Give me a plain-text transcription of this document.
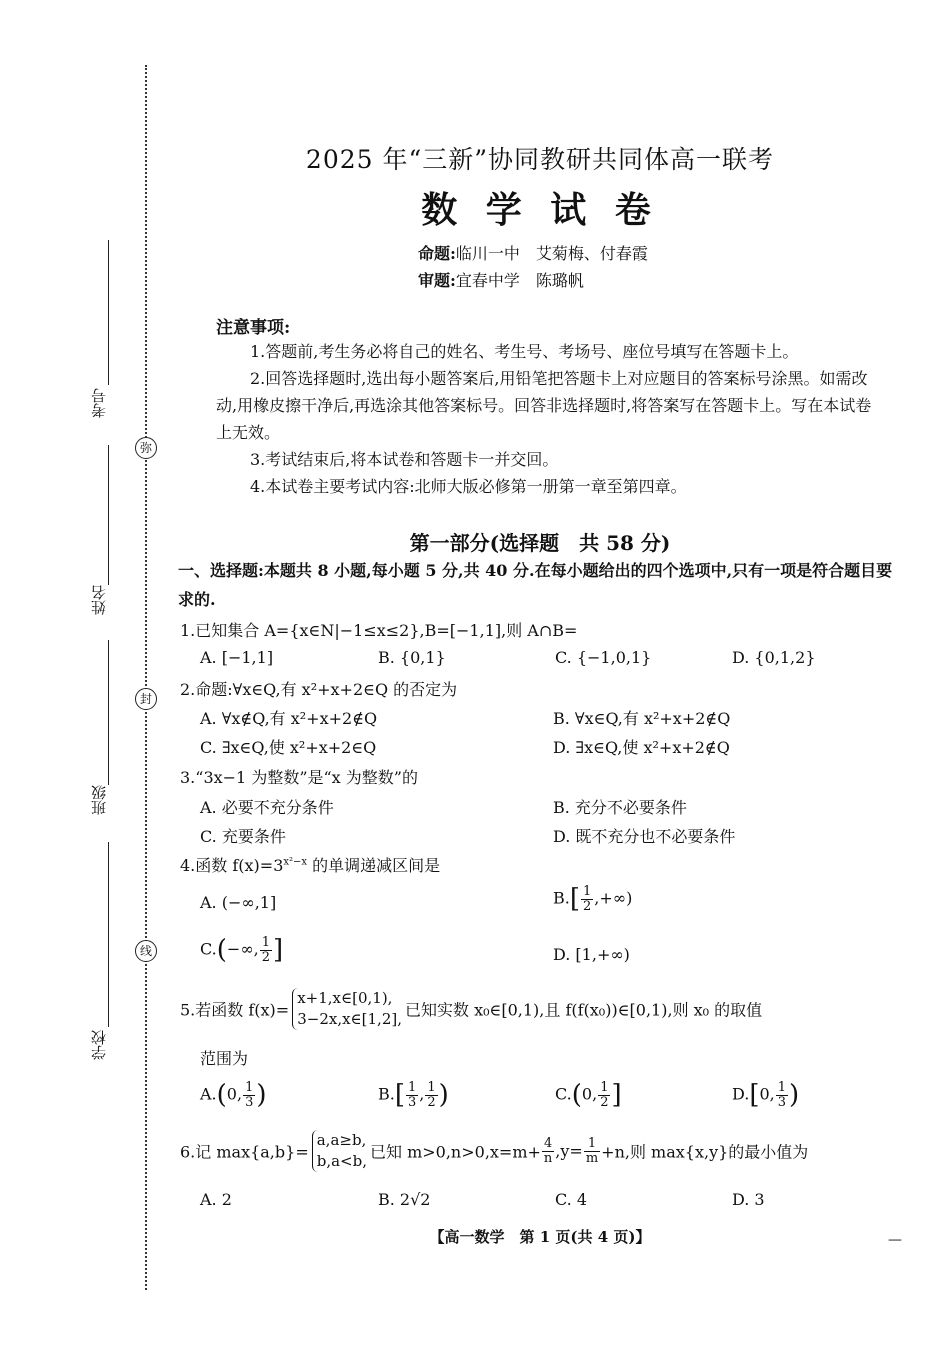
弥
封
线
考号
姓名
班级
学校
2025 年“三新”协同教研共同体高一联考
数 学 试 卷
命题:临川一中　艾菊梅、付春霞
审题:宜春中学　陈璐帆
注意事项:
1.答题前,考生务必将自己的姓名、考生号、考场号、座位号填写在答题卡上。
2.回答选择题时,选出每小题答案后,用铅笔把答题卡上对应题目的答案标号涂黑。如需改动,用橡皮擦干净后,再选涂其他答案标号。回答非选择题时,将答案写在答题卡上。写在本试卷上无效。
3.考试结束后,将本试卷和答题卡一并交回。
4.本试卷主要考试内容:北师大版必修第一册第一章至第四章。
第一部分(选择题　共 58 分)
一、选择题:本题共 8 小题,每小题 5 分,共 40 分.在每小题给出的四个选项中,只有一项是符合题目要求的.
1.已知集合 A={x∈N|−1≤x≤2},B=[−1,1],则 A∩B=
A. [−1,1]	B. {0,1}	C. {−1,0,1}	D. {0,1,2}
2.命题:∀x∈Q,有 x²+x+2∈Q 的否定为
A. ∀x∉Q,有 x²+x+2∉Q	B. ∀x∈Q,有 x²+x+2∉Q
C. ∃x∈Q,使 x²+x+2∈Q	D. ∃x∈Q,使 x²+x+2∉Q
3.“3x−1 为整数”是“x 为整数”的
A. 必要不充分条件	B. 充分不必要条件
C. 充要条件	D. 既不充分也不必要条件
4.函数 $f(x)=3^{x^2-x}$ 的单调递减区间是
A. (−∞,1]	$B.[ \frac{1}{2}$ ,+∞)
C.(−∞, $\frac{1}{2}$ ]	D. [1,+∞)
5.若函数 f(x)=
x+1,x∈[0,1),
3−2x,x∈[1,2], 已知实数 x₀∈[0,1),且 f(f(x₀))∈[0,1),则 x₀ 的取值
范围为
A.(0, $\frac{1}{3}$ )	$B.[ \frac{1}{3}$ , $\frac{1}{2}$ )	C.(0, $\frac{1}{2}$ ]	D.[0, $\frac{1}{3}$ )
6.记 max{a,b}=
a,a≥b,
b,a<b, 已知 $m>0,n>0,x=m+ \frac{4}{n} ,y= \frac{1}{m} +n$,则 max{x,y}的最小值为
A. 2	B. 2√2	C. 4	D. 3
【高一数学　第 1 页(共 4 页)】	—
